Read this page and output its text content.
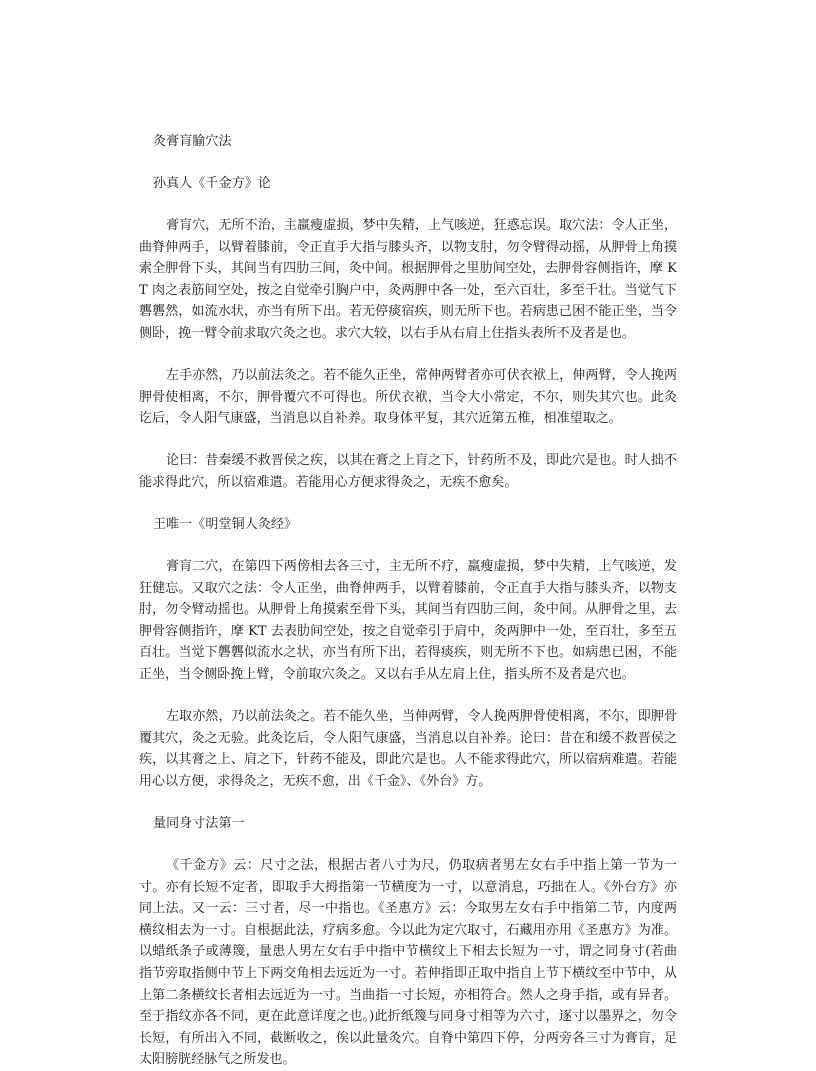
灸膏肓腧穴法
孙真人《千金方》论

膏肓穴，无所不治，主羸瘦虚损，梦中失精，上气咳逆，狂惑忘误。取穴法：令人正坐，曲脊伸两手，以臂着膝前，令正直手大指与膝头齐，以物支肘，勿令臂得动摇，从胛骨上角摸索全胛骨下头，其间当有四肋三间，灸中间。根据胛骨之里肋间空处，去胛骨容侧指许，摩 KT 肉之表筋间空处，按之自觉牵引胸户中，灸两胛中各一处，至六百壮，多至千壮。当觉气下礱礱然，如流水状，亦当有所下出。若无停痰宿疾，则无所下也。若病患己困不能正坐，当令侧卧，挽一臂令前求取穴灸之也。求穴大较，以右手从右肩上住指头表所不及者是也。

左手亦然，乃以前法灸之。若不能久正坐，常伸两臂者亦可伏衣袱上，伸两臂，令人挽两胛骨使相离，不尔，胛骨覆穴不可得也。所伏衣袱，当令大小常定，不尔，则失其穴也。此灸讫后，令人阳气康盛，当消息以自补养。取身体平复，其穴近第五椎，相准望取之。

论曰：昔秦缓不救晋侯之疾，以其在膏之上肓之下，针药所不及，即此穴是也。时人拙不能求得此穴，所以宿难遣。若能用心方便求得灸之，无疾不愈矣。

王唯一《明堂铜人灸经》

膏肓二穴，在第四下两傍相去各三寸，主无所不疗，羸瘦虚损，梦中失精，上气咳逆，发狂健忘。又取穴之法：令人正坐，曲脊伸两手，以臂着膝前，令正直手大指与膝头齐，以物支肘，勿令臂动摇也。从胛骨上角摸索至骨下头，其间当有四肋三间，灸中间。从胛骨之里，去胛骨容侧指许，摩 KT 去表肋间空处，按之自觉牵引于肩中，灸两胛中一处，至百壮，多至五百壮。当觉下礱礱似流水之状，亦当有所下出，若得痰疾，则无所不下也。如病患已困，不能正坐，当令侧卧挽上臂，令前取穴灸之。又以右手从左肩上住，指头所不及者是穴也。

左取亦然，乃以前法灸之。若不能久坐，当伸两臂，令人挽两胛骨使相离，不尔，即胛骨覆其穴，灸之无验。此灸讫后，令人阳气康盛，当消息以自补养。论曰：昔在和缓不救晋侯之疾，以其膏之上、肩之下，针药不能及，即此穴是也。人不能求得此穴，所以宿病难遣。若能用心以方便，求得灸之，无疾不愈，出《千金》、《外台》方。

量同身寸法第一

《千金方》云：尺寸之法，根据古者八寸为尺，仍取病者男左女右手中指上第一节为一寸。亦有长短不定者，即取手大拇指第一节横度为一寸，以意消息，巧拙在人。《外台方》亦同上法。又一云：三寸者，尽一中指也。《圣惠方》云：今取男左女右手中指第二节，内度两横纹相去为一寸。自根据此法，疗病多愈。今以此为定穴取寸，石藏用亦用《圣惠方》为准。以蜡纸条子或薄篾，量患人男左女右手中指中节横纹上下相去长短为一寸，谓之同身寸(若曲指节旁取指侧中节上下两交角相去远近为一寸。若伸指即正取中指自上节下横纹至中节中，从上第二条横纹长者相去远近为一寸。当曲指一寸长短，亦相符合。然人之身手指，或有异者。至于指纹亦各不同，更在此意详度之也。)此折纸篾与同身寸相等为六寸，逐寸以墨界之，勿令长短，有所出入不同，截断收之，俟以此量灸穴。自脊中第四下停，分两旁各三寸为膏肓，足太阳膀胱经脉气之所发也。
